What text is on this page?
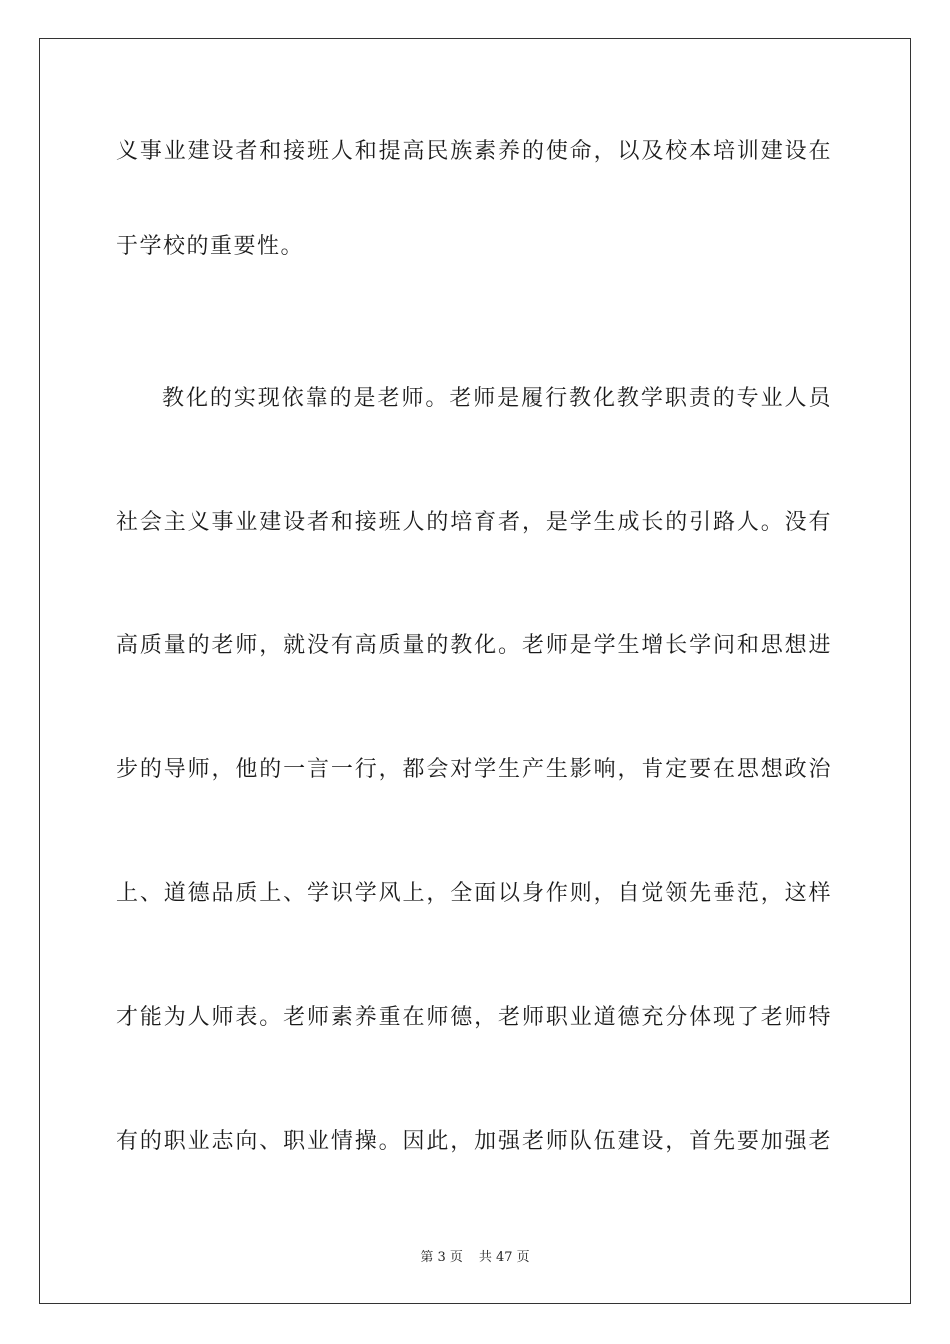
义事业建设者和接班人和提高民族素养的使命，以及校本培训建设在
于学校的重要性。
教化的实现依靠的是老师。老师是履行教化教学职责的专业人员
社会主义事业建设者和接班人的培育者，是学生成长的引路人。没有
高质量的老师，就没有高质量的教化。老师是学生增长学问和思想进
步的导师，他的一言一行，都会对学生产生影响，肯定要在思想政治
上、道德品质上、学识学风上，全面以身作则，自觉领先垂范，这样
才能为人师表。老师素养重在师德，老师职业道德充分体现了老师特
有的职业志向、职业情操。因此，加强老师队伍建设，首先要加强老
第 3 页 共 47 页
